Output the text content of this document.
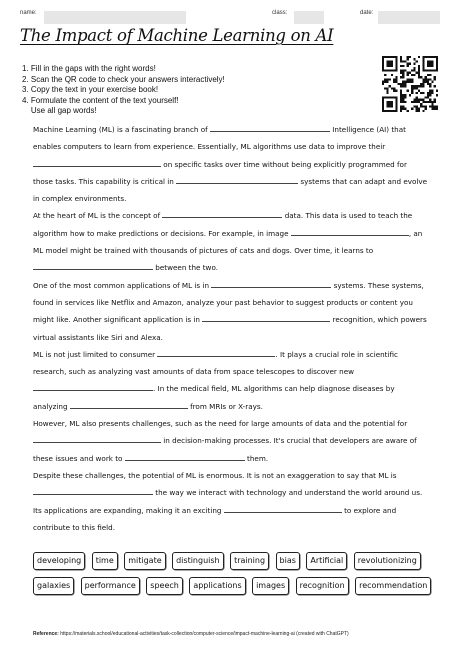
name:	class:	date:
The Impact of Machine Learning on AI
1. Fill in the gaps with the right words!
2. Scan the QR code to check your answers interactively!
3. Copy the text in your exercise book!
4. Formulate the content of the text yourself!
Use all gap words!

Machine Learning (ML) is a fascinating branch of	Intelligence (AI) that enables computers to learn from experience. Essentially, ML algorithms use data to improve their  on specific tasks over time without being explicitly programmed for those tasks. This capability is critical in	systems that can adapt and evolve in complex environments.

At the heart of ML is the concept of	data. This data is used to teach the algorithm how to make predictions or decisions. For example, in image	, an ML model might be trained with thousands of pictures of cats and dogs. Over time, it learns to  between the two.

One of the most common applications of ML is in	systems. These systems, found in services like Netflix and Amazon, analyze your past behavior to suggest products or content you might like. Another significant application is in	recognition, which powers virtual assistants like Siri and Alexa.

ML is not just limited to consumer	. It plays a crucial role in scientific research, such as analyzing vast amounts of data from space telescopes to discover new . In the medical field, ML algorithms can help diagnose diseases by analyzing	from MRIs or X-rays.

However, ML also presents challenges, such as the need for large amounts of data and the potential for  in decision-making processes. It's crucial that developers are aware of these issues and work to	them.

Despite these challenges, the potential of ML is enormous. It is not an exaggeration to say that ML is  the way we interact with technology and understand the world around us. Its applications are expanding, making it an exciting	to explore and contribute to this field.

developing time mitigate distinguish training bias Artificial revolutionizing galaxies performance speech applications images recognition recommendation
Reference: https://materials.school/educational-activities/task-collection/computer-science/impact-machine-learning-ai (created with ChatGPT)
